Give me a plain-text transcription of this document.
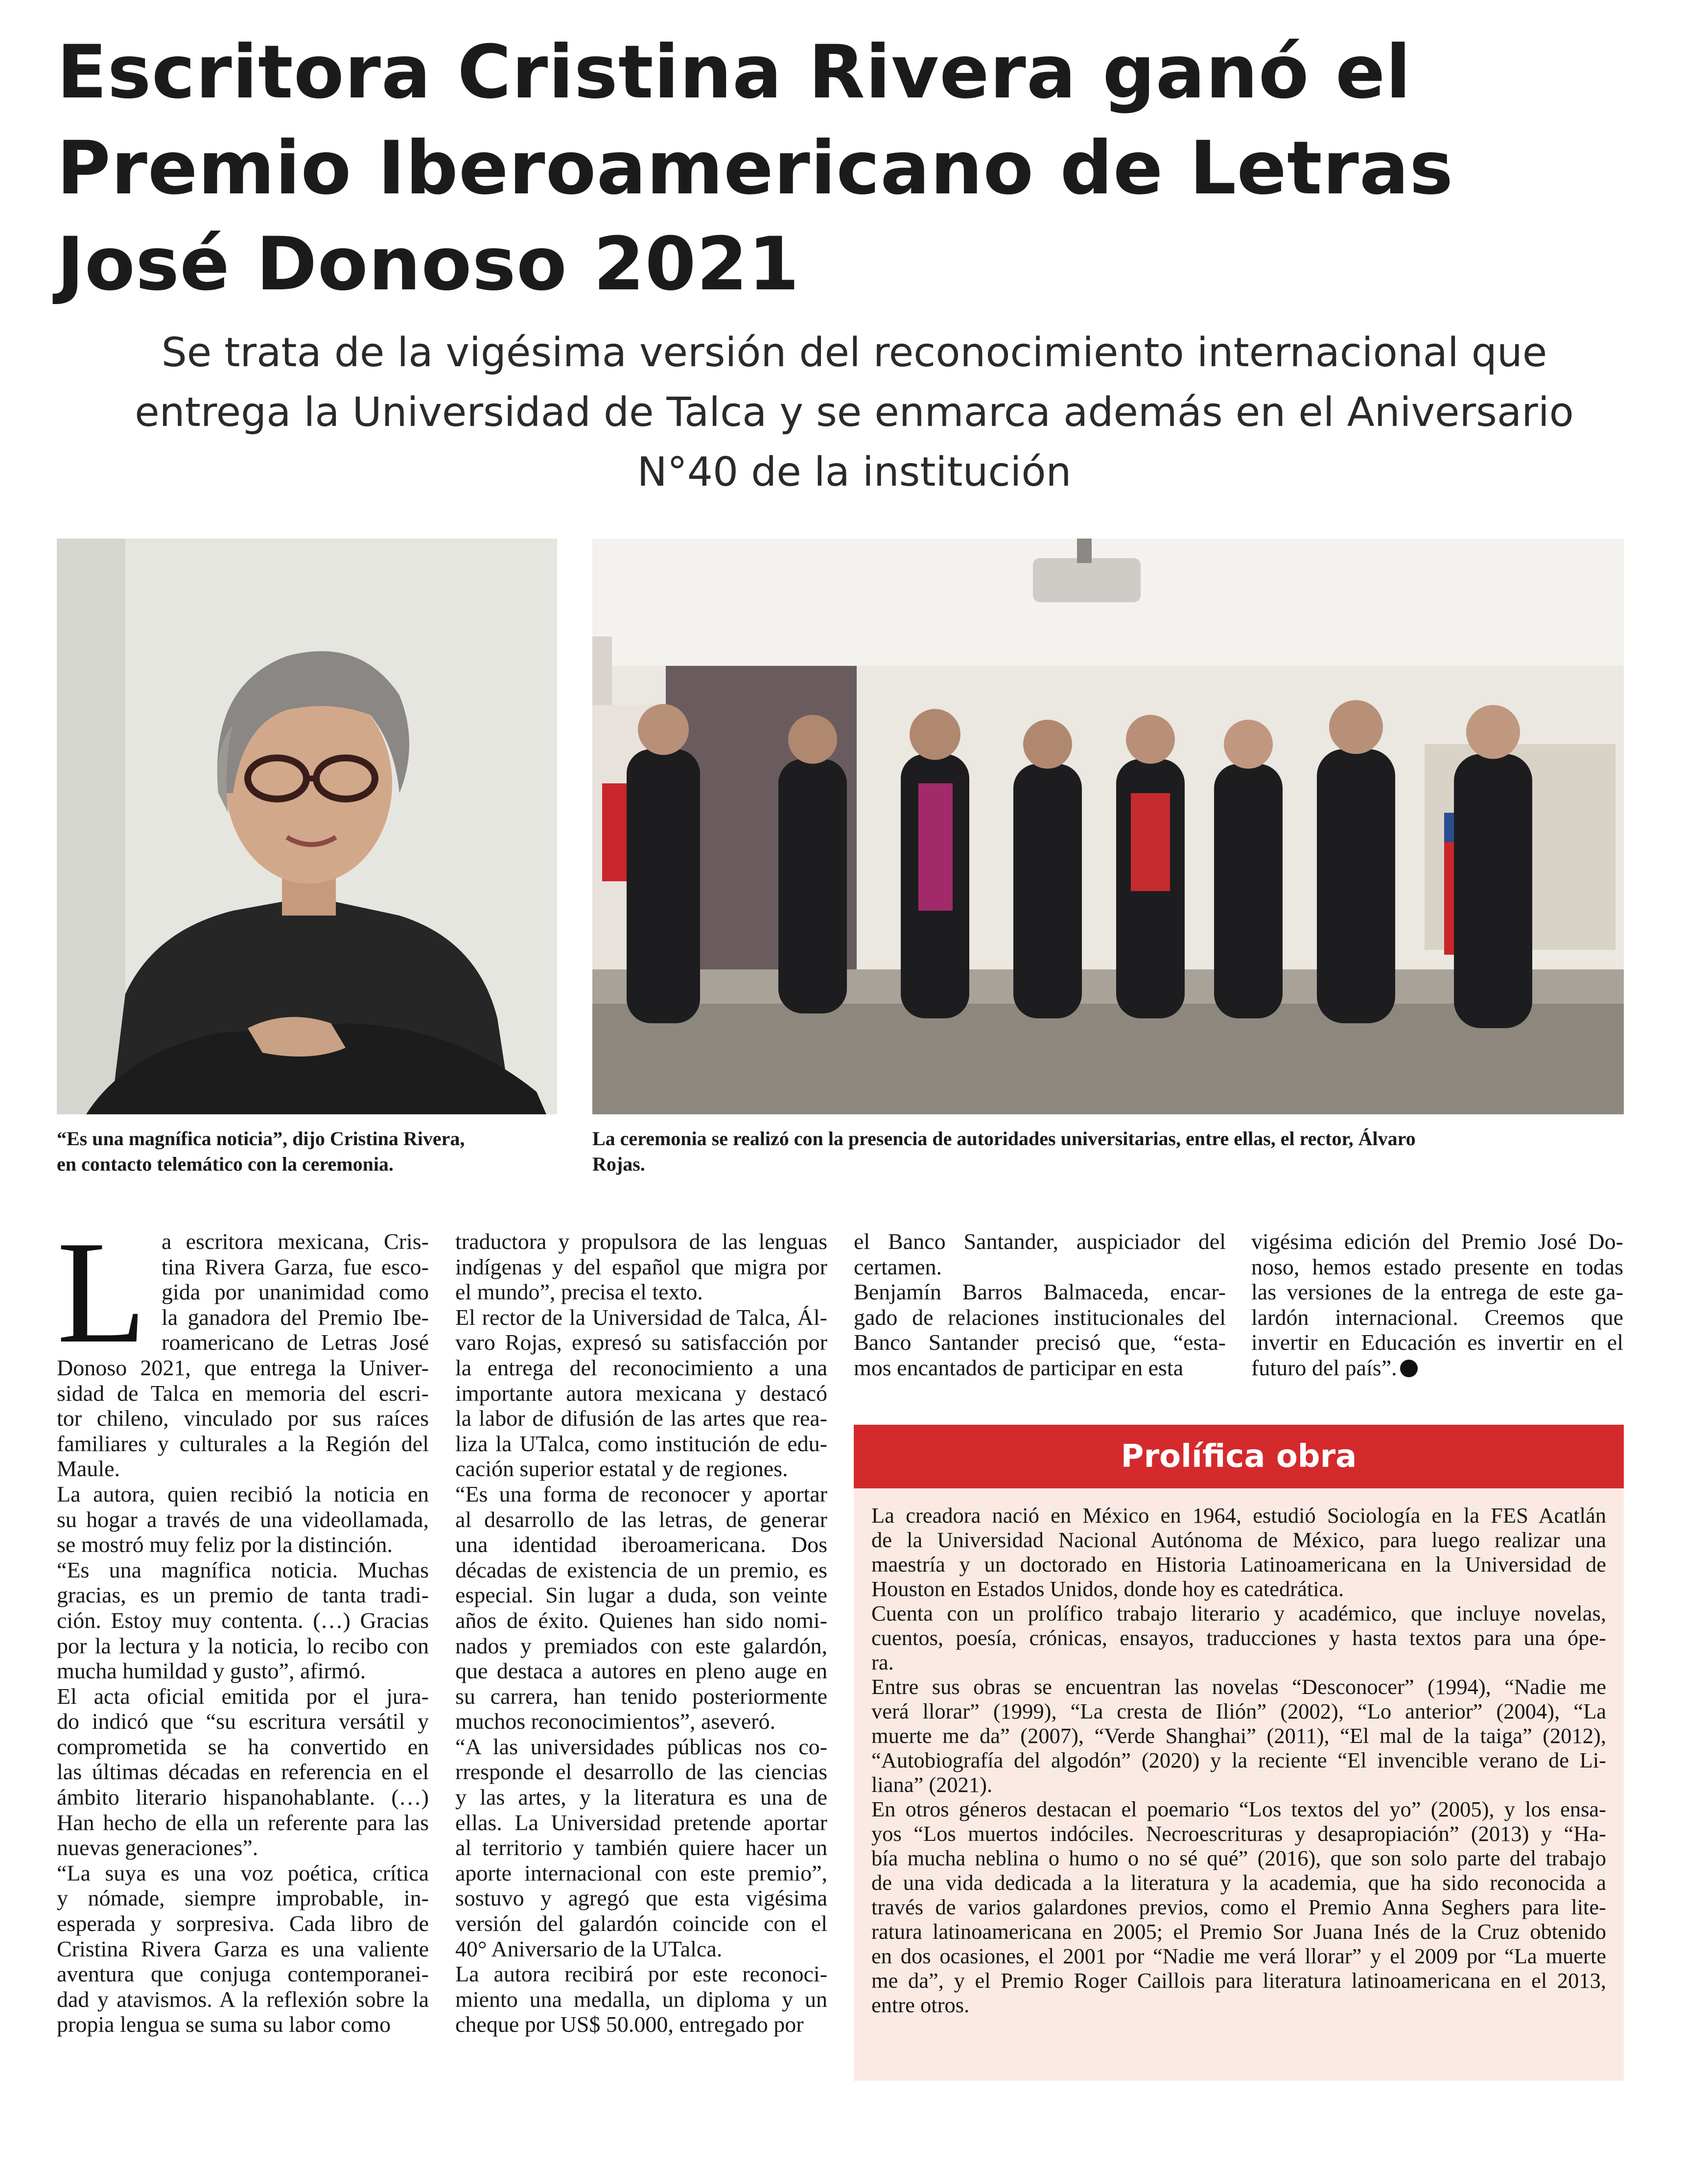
Escritora Cristina Rivera ganó el
Premio Iberoamericano de Letras
José Donoso 2021
Se trata de la vigésima versión del reconocimiento internacional que
entrega la Universidad de Talca y se enmarca además en el Aniversario
N°40 de la institución
“Es una magnífica noticia”, dijo Cristina Rivera,
en contacto telemático con la ceremonia.
La ceremonia se realizó con la presencia de autoridades universitarias, entre ellas, el rector, Álvaro
Rojas.
L a escritora mexicana, Cris-
tina Rivera Garza, fue esco-
gida por unanimidad como
la ganadora del Premio Ibe-
roamericano de Letras José
Donoso 2021, que entrega la Univer-
sidad de Talca en memoria del escri-
tor chileno, vinculado por sus raíces
familiares y culturales a la Región del
Maule.

La autora, quien recibió la noticia en
su hogar a través de una videollamada,
se mostró muy feliz por la distinción.

“Es una magnífica noticia. Muchas
gracias, es un premio de tanta tradi-
ción. Estoy muy contenta. (…) Gracias
por la lectura y la noticia, lo recibo con
mucha humildad y gusto”, afirmó.

El acta oficial emitida por el jura-
do indicó que “su escritura versátil y
comprometida se ha convertido en
las últimas décadas en referencia en el
ámbito literario hispanohablante. (…)
Han hecho de ella un referente para las
nuevas generaciones”.

“La suya es una voz poética, crítica
y nómade, siempre improbable, in-
esperada y sorpresiva. Cada libro de
Cristina Rivera Garza es una valiente
aventura que conjuga contemporanei-
dad y atavismos. A la reflexión sobre la
propia lengua se suma su labor como

traductora y propulsora de las lenguas
indígenas y del español que migra por
el mundo”, precisa el texto.

El rector de la Universidad de Talca, Ál-
varo Rojas, expresó su satisfacción por
la entrega del reconocimiento a una
importante autora mexicana y destacó
la labor de difusión de las artes que rea-
liza la UTalca, como institución de edu-
cación superior estatal y de regiones.

“Es una forma de reconocer y aportar
al desarrollo de las letras, de generar
una identidad iberoamericana. Dos
décadas de existencia de un premio, es
especial. Sin lugar a duda, son veinte
años de éxito. Quienes han sido nomi-
nados y premiados con este galardón,
que destaca a autores en pleno auge en
su carrera, han tenido posteriormente
muchos reconocimientos”, aseveró.

“A las universidades públicas nos co-
rresponde el desarrollo de las ciencias
y las artes, y la literatura es una de
ellas. La Universidad pretende aportar
al territorio y también quiere hacer un
aporte internacional con este premio”,
sostuvo y agregó que esta vigésima
versión del galardón coincide con el
40° Aniversario de la UTalca.

La autora recibirá por este reconoci-
miento una medalla, un diploma y un
cheque por US$ 50.000, entregado por

el Banco Santander, auspiciador del
certamen.

Benjamín Barros Balmaceda, encar-
gado de relaciones institucionales del
Banco Santander precisó que, “esta-
mos encantados de participar en esta

vigésima edición del Premio José Do-
noso, hemos estado presente en todas
las versiones de la entrega de este ga-
lardón internacional. Creemos que
invertir en Educación es invertir en el
futuro del país”.

Prolífica obra

La creadora nació en México en 1964, estudió Sociología en la FES Acatlán
de la Universidad Nacional Autónoma de México, para luego realizar una
maestría y un doctorado en Historia Latinoamericana en la Universidad de
Houston en Estados Unidos, donde hoy es catedrática.

Cuenta con un prolífico trabajo literario y académico, que incluye novelas,
cuentos, poesía, crónicas, ensayos, traducciones y hasta textos para una ópe-
ra.

Entre sus obras se encuentran las novelas “Desconocer” (1994), “Nadie me
verá llorar” (1999), “La cresta de Ilión” (2002), “Lo anterior” (2004), “La
muerte me da” (2007), “Verde Shanghai” (2011), “El mal de la taiga” (2012),
“Autobiografía del algodón” (2020) y la reciente “El invencible verano de Li-
liana” (2021).

En otros géneros destacan el poemario “Los textos del yo” (2005), y los ensa-
yos “Los muertos indóciles. Necroescrituras y desapropiación” (2013) y “Ha-
bía mucha neblina o humo o no sé qué” (2016), que son solo parte del trabajo
de una vida dedicada a la literatura y la academia, que ha sido reconocida a
través de varios galardones previos, como el Premio Anna Seghers para lite-
ratura latinoamericana en 2005; el Premio Sor Juana Inés de la Cruz obtenido
en dos ocasiones, el 2001 por “Nadie me verá llorar” y el 2009 por “La muerte
me da”, y el Premio Roger Caillois para literatura latinoamericana en el 2013,
entre otros.
